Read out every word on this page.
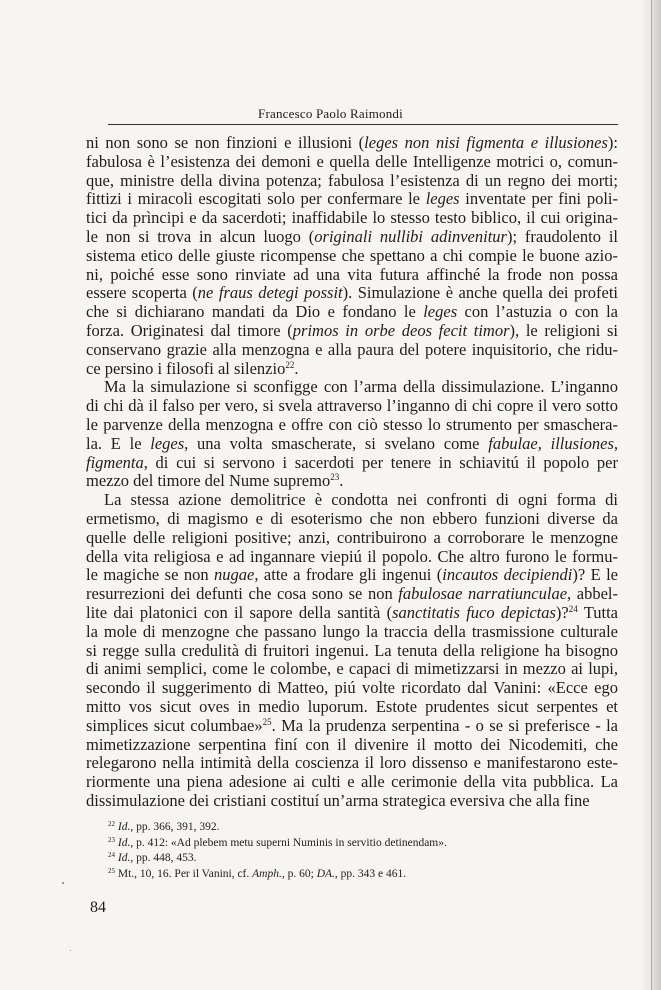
Francesco Paolo Raimondi
ni non sono se non finzioni e illusioni (leges non nisi figmenta e illusiones):
fabulosa è l’esistenza dei demoni e quella delle Intelligenze motrici o, comun-
que, ministre della divina potenza; fabulosa l’esistenza di un regno dei morti;
fittizi i miracoli escogitati solo per confermare le leges inventate per fini poli-
tici da prìncipi e da sacerdoti; inaffidabile lo stesso testo biblico, il cui origina-
le non si trova in alcun luogo (originali nullibi adinvenitur); fraudolento il
sistema etico delle giuste ricompense che spettano a chi compie le buone azio-
ni, poiché esse sono rinviate ad una vita futura affinché la frode non possa
essere scoperta (ne fraus detegi possit). Simulazione è anche quella dei profeti
che si dichiarano mandati da Dio e fondano le leges con l’astuzia o con la
forza. Originatesi dal timore (primos in orbe deos fecit timor), le religioni si
conservano grazie alla menzogna e alla paura del potere inquisitorio, che ridu-
ce persino i filosofi al silenzio$^{22}$.
Ma la simulazione si sconfigge con l’arma della dissimulazione. L’inganno
di chi dà il falso per vero, si svela attraverso l’inganno di chi copre il vero sotto
le parvenze della menzogna e offre con ciò stesso lo strumento per smaschera-
la. E le leges, una volta smascherate, si svelano come fabulae, illusiones,
figmenta, di cui si servono i sacerdoti per tenere in schiavitú il popolo per
mezzo del timore del Nume supremo$^{23}$.
La stessa azione demolitrice è condotta nei confronti di ogni forma di
ermetismo, di magismo e di esoterismo che non ebbero funzioni diverse da
quelle delle religioni positive; anzi, contribuirono a corroborare le menzogne
della vita religiosa e ad ingannare viepiú il popolo. Che altro furono le formu-
le magiche se non nugae, atte a frodare gli ingenui (incautos decipiendi)? E le
resurrezioni dei defunti che cosa sono se non fabulosae narratiunculae, abbel-
lite dai platonici con il sapore della santità (sanctitatis fuco depictas)?$^{24}$ Tutta
la mole di menzogne che passano lungo la traccia della trasmissione culturale
si regge sulla credulità di fruitori ingenui. La tenuta della religione ha bisogno
di animi semplici, come le colombe, e capaci di mimetizzarsi in mezzo ai lupi,
secondo il suggerimento di Matteo, piú volte ricordato dal Vanini: «Ecce ego
mitto vos sicut oves in medio luporum. Estote prudentes sicut serpentes et
simplices sicut columbae»$^{25}$. Ma la prudenza serpentina - o se si preferisce - la
mimetizzazione serpentina finí con il divenire il motto dei Nicodemiti, che
relegarono nella intimità della coscienza il loro dissenso e manifestarono este-
riormente una piena adesione ai culti e alle cerimonie della vita pubblica. La
dissimulazione dei cristiani costituí un’arma strategica eversiva che alla fine
$^{22}$ Id., pp. 366, 391, 392.
$^{23}$ Id., p. 412: «Ad plebem metu superni Numinis in servitio detinendam».
$^{24}$ Id., pp. 448, 453.
$^{25}$ Mt., 10, 16. Per il Vanini, cf. Amph., p. 60; DA., pp. 343 e 461.
84
